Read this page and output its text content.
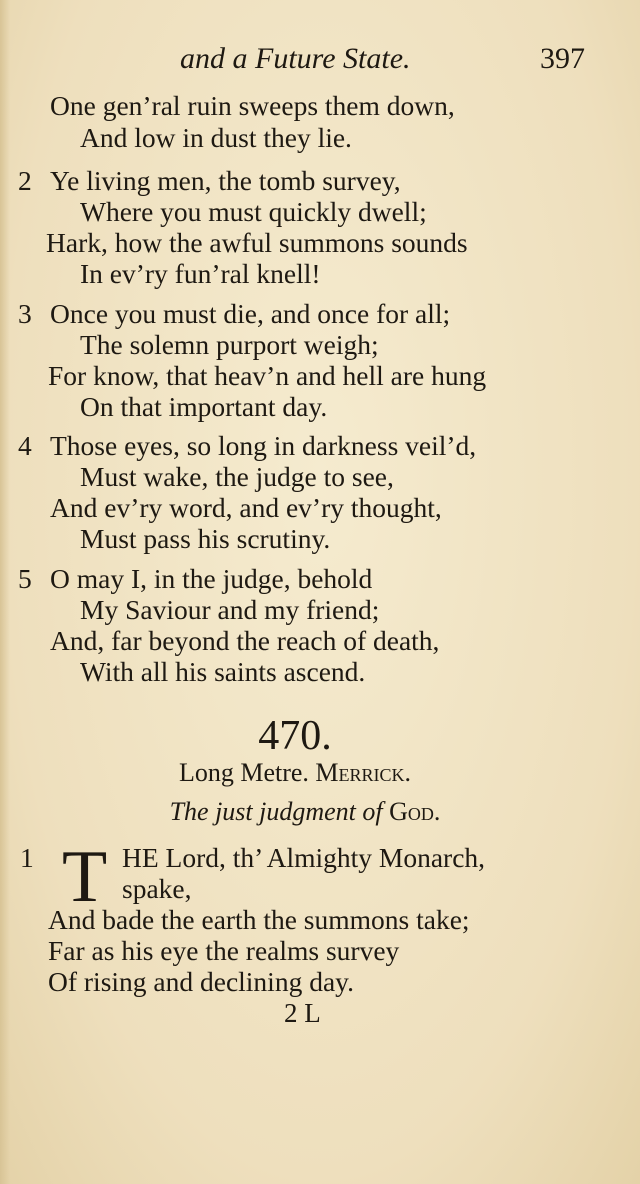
and a Future State.	397
One gen’ral ruin sweeps them down,
And low in dust they lie.
2 Ye living men, the tomb survey,
Where you must quickly dwell;
Hark, how the awful summons sounds
In ev’ry fun’ral knell!
3 Once you must die, and once for all;
The solemn purport weigh;
For know, that heav’n and hell are hung
On that important day.
4 Those eyes, so long in darkness veil’d,
Must wake, the judge to see,
And ev’ry word, and ev’ry thought,
Must pass his scrutiny.
5 O may I, in the judge, behold
My Saviour and my friend;
And, far beyond the reach of death,
With all his saints ascend.
470.
Long Metre. Merrick.
The just judgment of God.
1 T HE Lord, th’ Almighty Monarch,
spake,
And bade the earth the summons take;
Far as his eye the realms survey
Of rising and declining day.
2 L
